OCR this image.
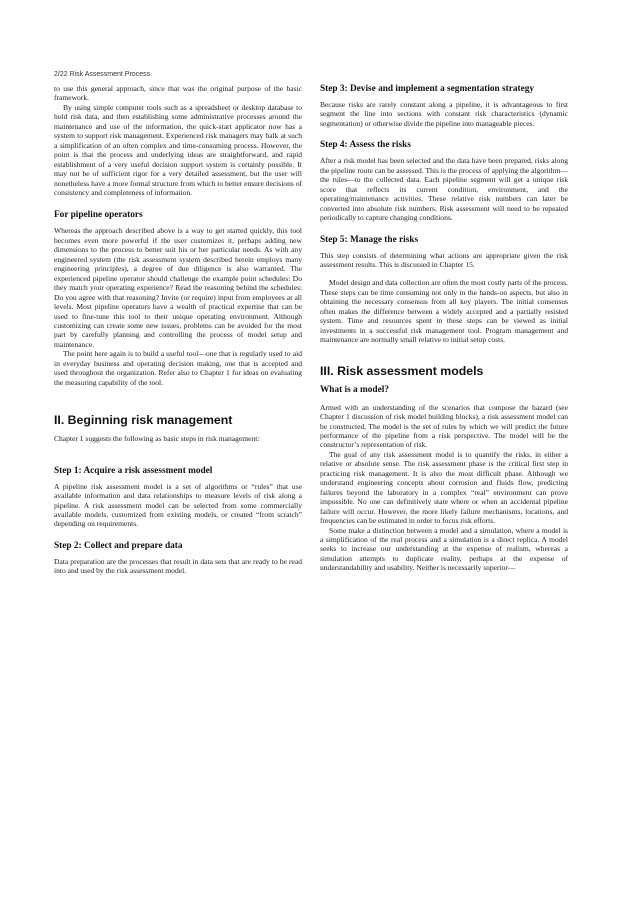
2/22 Risk Assessment Process

to use this general approach, since that was the original purpose of the basic framework.

By using simple computer tools such as a spreadsheet or desktop database to hold risk data, and then establishing some administrative processes around the maintenance and use of the information, the quick-start applicator now has a system to support risk management. Experienced risk managers may balk at such a simplification of an often complex and time-consuming process. However, the point is that the process and underlying ideas are straightforward, and rapid establishment of a very useful decision support system is certainly possible. It may not be of sufficient rigor for a very detailed assessment, but the user will nonetheless have a more formal structure from which to better ensure decisions of consistency and completeness of information.

For pipeline operators

Whereas the approach described above is a way to get started quickly, this tool becomes even more powerful if the user customizes it, perhaps adding new dimensions to the process to better suit his or her particular needs. As with any engineered system (the risk assessment system described herein employs many engineering principles), a degree of due diligence is also warranted. The experienced pipeline operator should challenge the example point schedules: Do they match your operating experience? Read the reasoning behind the schedules: Do you agree with that reasoning? Invite (or require) input from employees at all levels. Most pipeline operators have a wealth of practical expertise that can be used to fine-tune this tool to their unique operating environment. Although customizing can create some new issues, problems can be avoided for the most part by carefully planning and controlling the process of model setup and maintenance.

The point here again is to build a useful tool—one that is regularly used to aid in everyday business and operating decision making, one that is accepted and used throughout the organization. Refer also to Chapter 1 for ideas on evaluating the measuring capability of the tool.

II. Beginning risk management

Chapter 1 suggests the following as basic steps in risk management:

Step 1: Acquire a risk assessment model

A pipeline risk assessment model is a set of algorithms or “rules” that use available information and data relationships to measure levels of risk along a pipeline. A risk assessment model can be selected from some commercially available models, customized from existing models, or created “from scratch” depending on requirements.

Step 2: Collect and prepare data

Data preparation are the processes that result in data sets that are ready to be read into and used by the risk assessment model.

Step 3: Devise and implement a segmentation strategy

Because risks are rarely constant along a pipeline, it is advantageous to first segment the line into sections with constant risk characteristics (dynamic segmentation) or otherwise divide the pipeline into manageable pieces.

Step 4: Assess the risks

After a risk model has been selected and the data have been prepared, risks along the pipeline route can be assessed. This is the process of applying the algorithm—the rules—to the collected data. Each pipeline segment will get a unique risk score that reflects its current condition, environment, and the operating/maintenance activities. These relative risk numbers can later be converted into absolute risk numbers. Risk assessment will need to be repeated periodically to capture changing conditions.

Step 5: Manage the risks

This step consists of determining what actions are appropriate given the risk assessment results. This is discussed in Chapter 15.

Model design and data collection are often the most costly parts of the process. These steps can be time consuming not only in the hands-on aspects, but also in obtaining the necessary consensus from all key players. The initial consensus often makes the difference between a widely accepted and a partially resisted system. Time and resources spent in these steps can be viewed as initial investments in a successful risk management tool. Program management and maintenance are normally small relative to initial setup costs.

III. Risk assessment models
What is a model?

Armed with an understanding of the scenarios that compose the hazard (see Chapter 1 discussion of risk model building blocks), a risk assessment model can be constructed. The model is the set of rules by which we will predict the future performance of the pipeline from a risk perspective. The model will be the constructor’s representation of risk.

The goal of any risk assessment model is to quantify the risks, in either a relative or absolute sense. The risk assessment phase is the critical first step in practicing risk management. It is also the most difficult phase. Although we understand engineering concepts about corrosion and fluids flow, predicting failures beyond the laboratory in a complex “real” environment can prove impossible. No one can definitively state where or when an accidental pipeline failure will occur. However, the more likely failure mechanisms, locations, and frequencies can be estimated in order to focus risk efforts.

Some make a distinction between a model and a simulation, where a model is a simplification of the real process and a simulation is a direct replica. A model seeks to increase our understanding at the expense of realism, whereas a simulation attempts to duplicate reality, perhaps at the expense of understandability and usability. Neither is necessarily superior—
